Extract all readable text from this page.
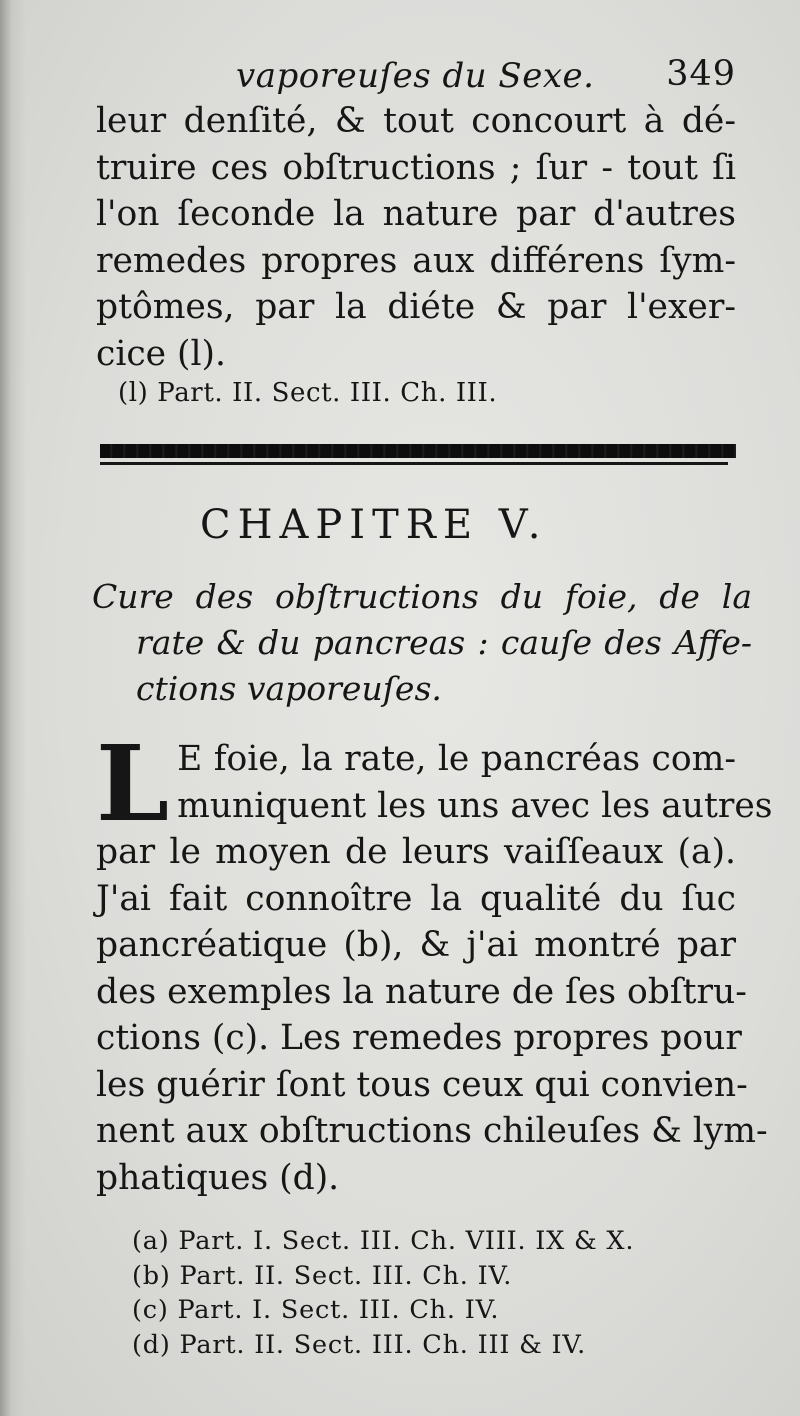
vaporeuſes du Sexe. 349
leur denſité, & tout concourt à dé-
truire ces obſtructions ; ſur - tout ſi
l'on ſeconde la nature par d'autres
remedes propres aux différens ſym-
ptômes, par la diéte & par l'exer-
cice (l).
(l) Part. II. Sect. III. Ch. III.
CHAPITRE V.
Cure des obſtructions du foie, de la
rate & du pancreas : cauſe des Affe-
ctions vaporeuſes.
L E foie, la rate, le pancréas com-
muniquent les uns avec les autres
par le moyen de leurs vaiſſeaux (a).
J'ai fait connoître la qualité du ſuc
pancréatique (b), & j'ai montré par
des exemples la nature de ſes obſtru-
ctions (c). Les remedes propres pour
les guérir ſont tous ceux qui convien-
nent aux obſtructions chileuſes & lym-
phatiques (d).
(a) Part. I. Sect. III. Ch. VIII. IX & X.
(b) Part. II. Sect. III. Ch. IV.
(c) Part. I. Sect. III. Ch. IV.
(d) Part. II. Sect. III. Ch. III & IV.
